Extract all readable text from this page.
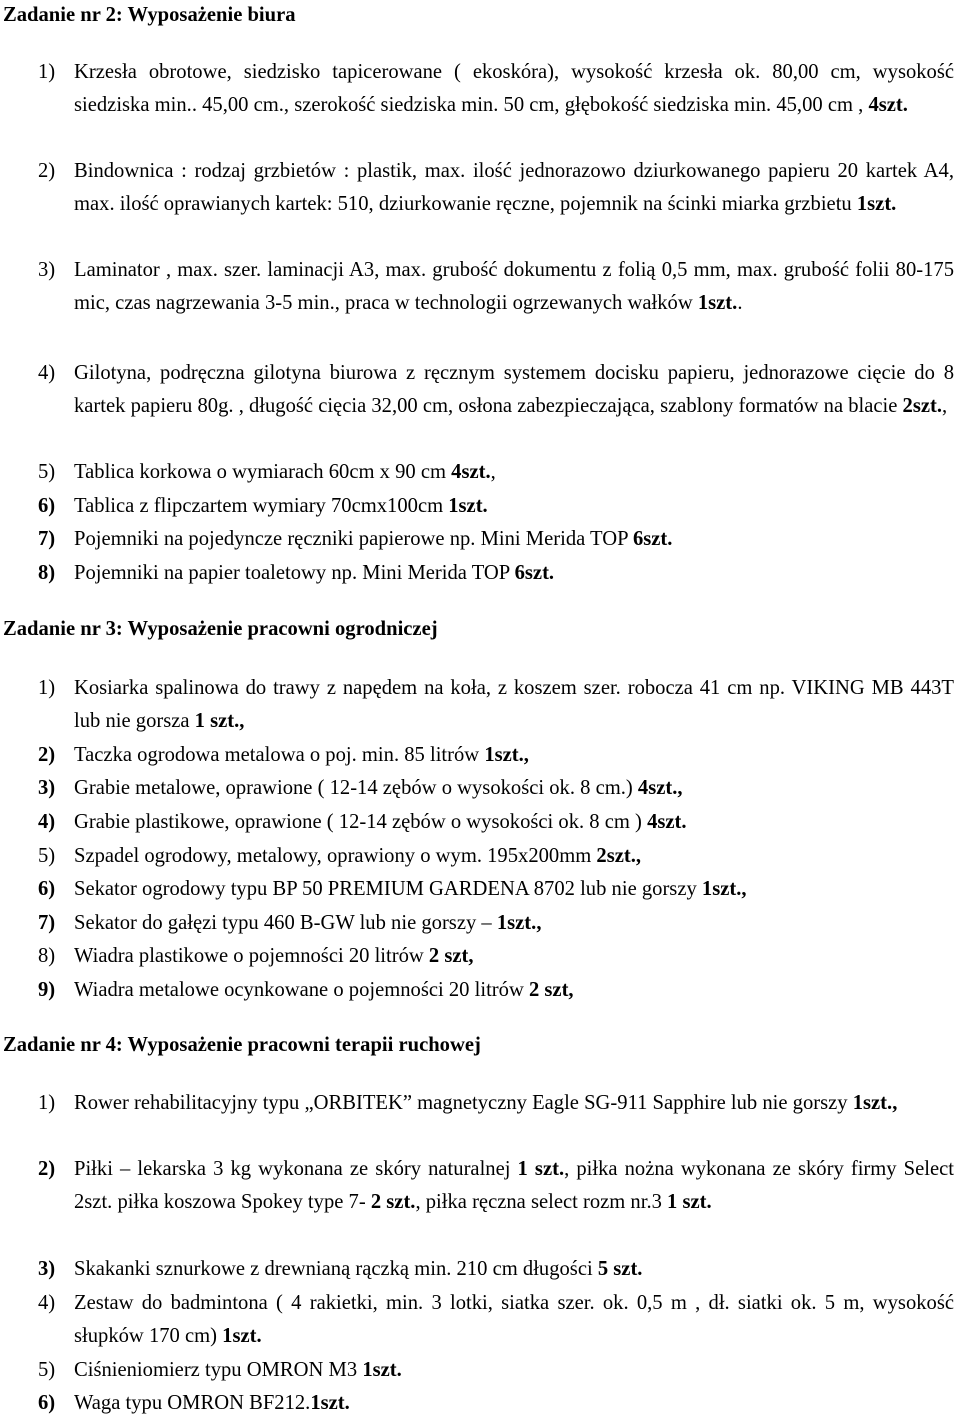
Zadanie nr 2: Wyposażenie biura
1) Krzesła obrotowe, siedzisko tapicerowane ( ekoskóra), wysokość krzesła ok. 80,00 cm, wysokość siedziska min.. 45,00 cm., szerokość siedziska min. 50 cm, głębokość siedziska min. 45,00 cm , 4szt.
2) Bindownica : rodzaj grzbietów : plastik, max. ilość jednorazowo dziurkowanego papieru 20 kartek A4, max. ilość oprawianych kartek: 510, dziurkowanie ręczne, pojemnik na ścinki miarka grzbietu 1szt.
3) Laminator , max. szer. laminacji A3, max. grubość dokumentu z folią 0,5 mm, max. grubość folii 80-175 mic, czas nagrzewania 3-5 min., praca w technologii ogrzewanych wałków 1szt..
4) Gilotyna, podręczna gilotyna biurowa z ręcznym systemem docisku papieru, jednorazowe cięcie do 8 kartek papieru 80g. , długość cięcia 32,00 cm, osłona zabezpieczająca, szablony formatów na blacie 2szt.,
5) Tablica korkowa o wymiarach 60cm x 90 cm 4szt.,
6) Tablica z flipczartem wymiary 70cmx100cm 1szt.
7) Pojemniki na pojedyncze ręczniki papierowe np. Mini Merida TOP 6szt.
8) Pojemniki na papier toaletowy np. Mini Merida TOP 6szt.
Zadanie nr 3: Wyposażenie pracowni ogrodniczej
1) Kosiarka spalinowa do trawy z napędem na koła, z koszem szer. robocza 41 cm np. VIKING MB 443T lub nie gorsza 1 szt.,
2) Taczka ogrodowa metalowa o poj. min. 85 litrów 1szt.,
3) Grabie metalowe, oprawione ( 12-14 zębów o wysokości ok. 8 cm.) 4szt.,
4) Grabie plastikowe, oprawione ( 12-14 zębów o wysokości ok. 8 cm ) 4szt.
5) Szpadel ogrodowy, metalowy, oprawiony o wym. 195x200mm 2szt.,
6) Sekator ogrodowy typu BP 50 PREMIUM GARDENA 8702 lub nie gorszy 1szt.,
7) Sekator do gałęzi typu 460 B-GW lub nie gorszy – 1szt.,
8) Wiadra plastikowe o pojemności 20 litrów 2 szt,
9) Wiadra metalowe ocynkowane o pojemności 20 litrów 2 szt,
Zadanie nr 4: Wyposażenie pracowni terapii ruchowej
1) Rower rehabilitacyjny typu „ORBITEK” magnetyczny Eagle SG-911 Sapphire lub nie gorszy 1szt.,
2) Piłki – lekarska 3 kg wykonana ze skóry naturalnej 1 szt., piłka nożna wykonana ze skóry firmy Select 2szt. piłka koszowa Spokey type 7- 2 szt., piłka ręczna select rozm nr.3 1 szt.
3) Skakanki sznurkowe z drewnianą rączką min. 210 cm długości 5 szt.
4) Zestaw do badmintona ( 4 rakietki, min. 3 lotki, siatka szer. ok. 0,5 m , dł. siatki ok. 5 m, wysokość słupków 170 cm) 1szt.
5) Ciśnieniomierz typu OMRON M3 1szt.
6) Waga typu OMRON BF212.1szt.
